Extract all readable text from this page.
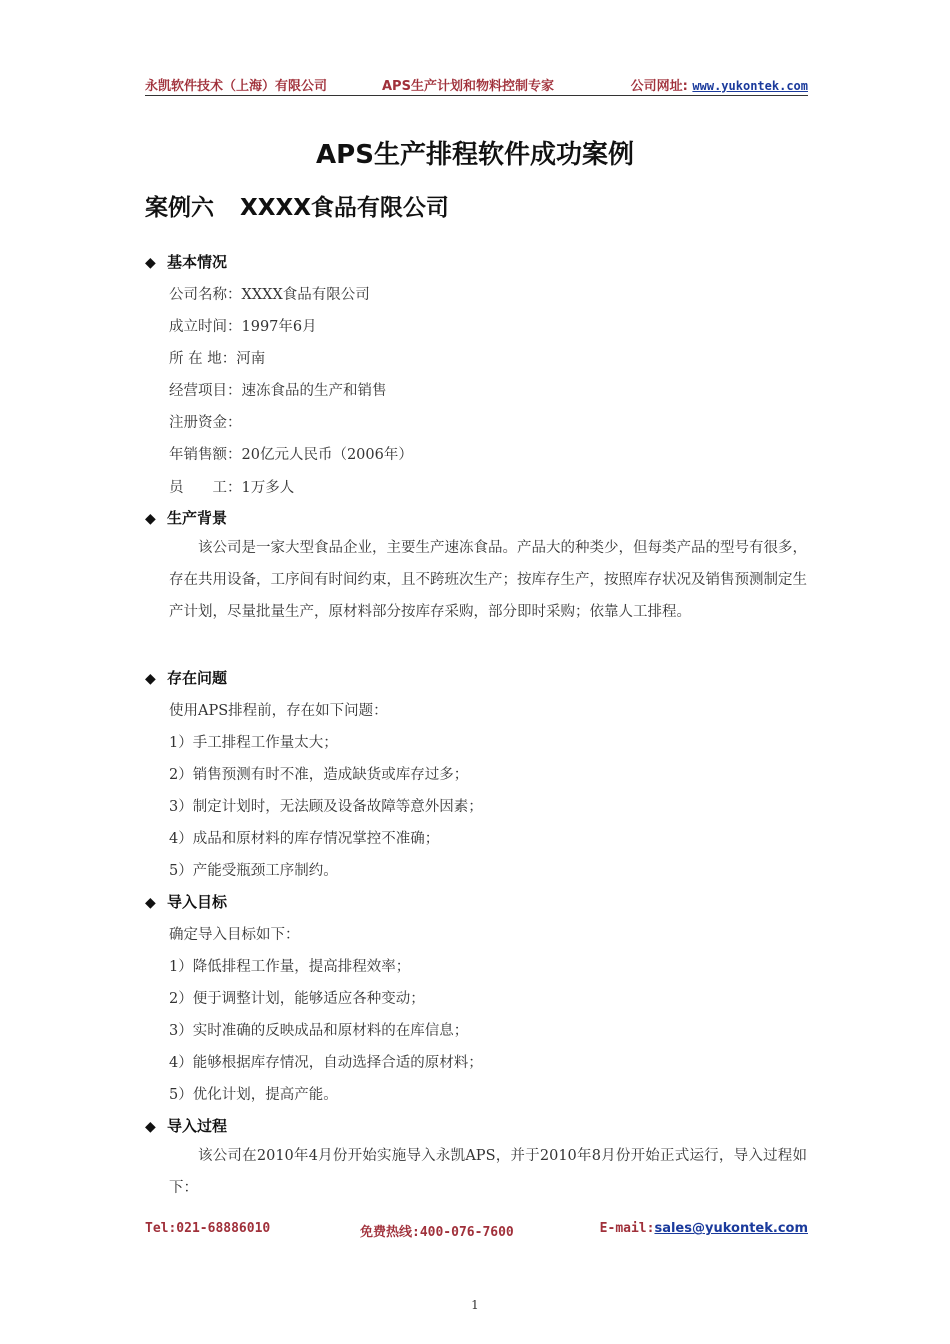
永凯软件技术（上海）有限公司	APS生产计划和物料控制专家	公司网址: www.yukontek.com
APS生产排程软件成功案例
案例六 XXXX食品有限公司
◆ 基本情况
公司名称：XXXX食品有限公司
成立时间：1997年6月
所 在 地：河南
经营项目：速冻食品的生产和销售
注册资金：
年销售额：20亿元人民币（2006年）
员　　工：1万多人
◆ 生产背景
该公司是一家大型食品企业，主要生产速冻食品。产品大的种类少，但每类产品的型号有很多，存在共用设备，工序间有时间约束，且不跨班次生产；按库存生产，按照库存状况及销售预测制定生产计划，尽量批量生产，原材料部分按库存采购，部分即时采购；依靠人工排程。
◆ 存在问题
使用APS排程前，存在如下问题：
1）手工排程工作量太大；
2）销售预测有时不准，造成缺货或库存过多；
3）制定计划时，无法顾及设备故障等意外因素；
4）成品和原材料的库存情况掌控不准确；
5）产能受瓶颈工序制约。
◆ 导入目标
确定导入目标如下：
1）降低排程工作量，提高排程效率；
2）便于调整计划，能够适应各种变动；
3）实时准确的反映成品和原材料的在库信息；
4）能够根据库存情况，自动选择合适的原材料；
5）优化计划，提高产能。
◆ 导入过程
该公司在2010年4月份开始实施导入永凯APS，并于2010年8月份开始正式运行，导入过程如下：
Tel:021-68886010	免费热线:400-076-7600	E-mail:sales@yukontek.com
1
